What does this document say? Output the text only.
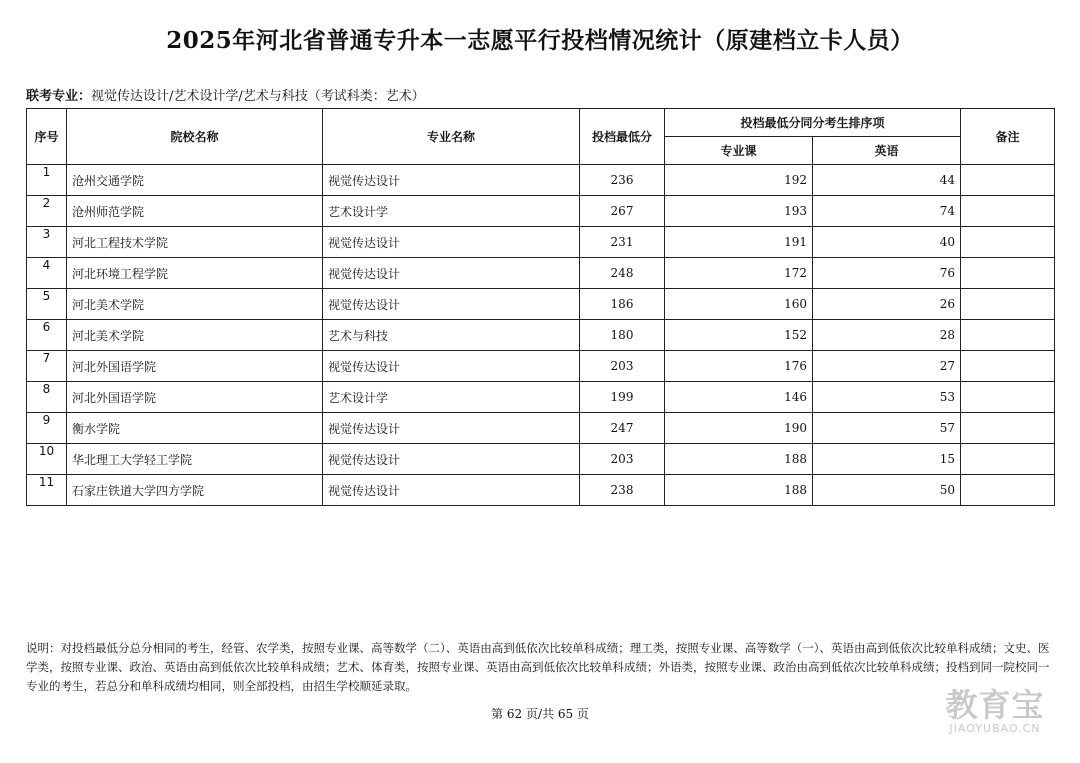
2025年河北省普通专升本一志愿平行投档情况统计（原建档立卡人员）
联考专业：视觉传达设计/艺术设计学/艺术与科技（考试科类：艺术）
序号	院校名称	专业名称	投档最低分	投档最低分同分考生排序项		备注
				专业课	英语	
1	沧州交通学院	视觉传达设计	236	192	44	
2	沧州师范学院	艺术设计学	267	193	74	
3	河北工程技术学院	视觉传达设计	231	191	40	
4	河北环境工程学院	视觉传达设计	248	172	76	
5	河北美术学院	视觉传达设计	186	160	26	
6	河北美术学院	艺术与科技	180	152	28	
7	河北外国语学院	视觉传达设计	203	176	27	
8	河北外国语学院	艺术设计学	199	146	53	
9	衡水学院	视觉传达设计	247	190	57	
10	华北理工大学轻工学院	视觉传达设计	203	188	15	
11	石家庄铁道大学四方学院	视觉传达设计	238	188	50	
说明：对投档最低分总分相同的考生，经管、农学类，按照专业课、高等数学（二）、英语由高到低依次比较单科成绩；理工类，按照专业课、高等数学（一）、英语由高到低依次比较单科成绩；文史、医学类，按照专业课、政治、英语由高到低依次比较单科成绩；艺术、体育类，按照专业课、英语由高到低依次比较单科成绩；外语类，按照专业课、政治由高到低依次比较单科成绩；投档到同一院校同一专业的考生，若总分和单科成绩均相同，则全部投档，由招生学校顺延录取。
第 62 页/共 65 页	教育宝
JIAOYUBAO.CN
